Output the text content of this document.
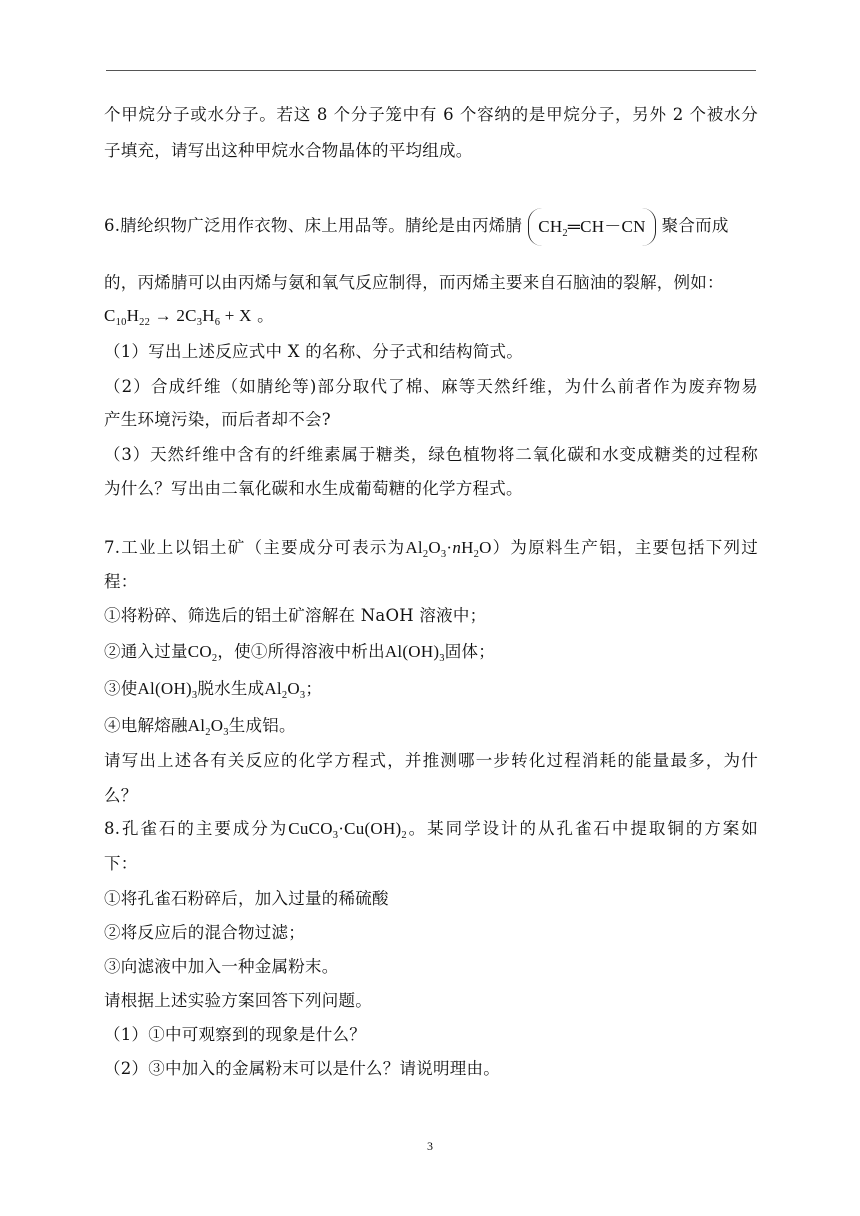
个甲烷分子或水分子。若这 8 个分子笼中有 6 个容纳的是甲烷分子，另外 2 个被水分
子填充，请写出这种甲烷水合物晶体的平均组成。
6.腈纶织物广泛用作衣物、床上用品等。腈纶是由丙烯腈 $CH_2═CH-CN$ 聚合而成
的，丙烯腈可以由丙烯与氨和氧气反应制得，而丙烯主要来自石脑油的裂解，例如：
$C_{10}H_{22} \to 2C_3H_6 + X$ 。
（1）写出上述反应式中 X 的名称、分子式和结构简式。
（2）合成纤维（如腈纶等)部分取代了棉、麻等天然纤维，为什么前者作为废弃物易
产生环境污染，而后者却不会?
（3）天然纤维中含有的纤维素属于糖类，绿色植物将二氧化碳和水变成糖类的过程称
为什么？写出由二氧化碳和水生成葡萄糖的化学方程式。
7.工业上以铝土矿（主要成分可表示为$Al_2O_3\cdot nH_2O$）为原料生产铝，主要包括下列过
程：
①将粉碎、筛选后的铝土矿溶解在 NaOH 溶液中；
②通入过量$CO_2$，使①所得溶液中析出$Al(OH)_3$固体；
③使$Al(OH)_3$脱水生成$Al_2O_3$；
④电解熔融$Al_2O_3$生成铝。
请写出上述各有关反应的化学方程式，并推测哪一步转化过程消耗的能量最多，为什
么？
8.孔雀石的主要成分为$CuCO_3\cdot Cu(OH)_2$。某同学设计的从孔雀石中提取铜的方案如
下：
①将孔雀石粉碎后，加入过量的稀硫酸
②将反应后的混合物过滤；
③向滤液中加入一种金属粉末。
请根据上述实验方案回答下列问题。
（1）①中可观察到的现象是什么？
（2）③中加入的金属粉末可以是什么？请说明理由。
3
